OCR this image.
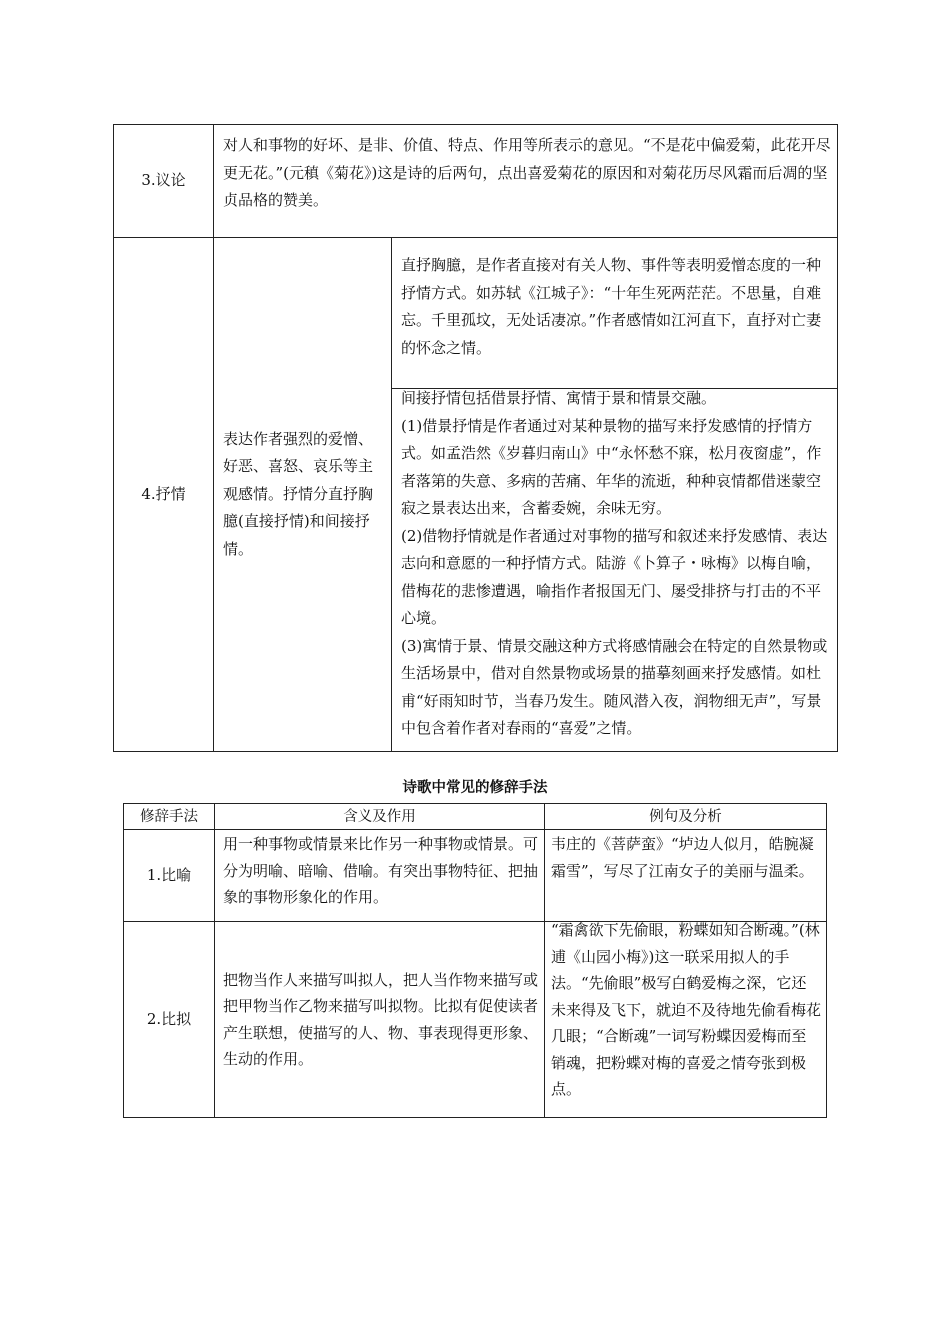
3.议论

对人和事物的好坏、是非、价值、特点、作用等所表示的意见。“不是花中偏爱菊，此花开尽更无花。”(元稹《菊花》)这是诗的后两句，点出喜爱菊花的原因和对菊花历尽风霜而后凋的坚贞品格的赞美。

4.抒情

表达作者强烈的爱憎、好恶、喜怒、哀乐等主观感情。抒情分直抒胸臆(直接抒情)和间接抒情。

直抒胸臆，是作者直接对有关人物、事件等表明爱憎态度的一种抒情方式。如苏轼《江城子》：“十年生死两茫茫。不思量，自难忘。千里孤坟，无处话凄凉。”作者感情如江河直下，直抒对亡妻的怀念之情。

间接抒情包括借景抒情、寓情于景和情景交融。

(1)借景抒情是作者通过对某种景物的描写来抒发感情的抒情方式。如孟浩然《岁暮归南山》中“永怀愁不寐，松月夜窗虚”，作者落第的失意、多病的苦痛、年华的流逝，种种哀情都借迷蒙空寂之景表达出来，含蓄委婉，余味无穷。

(2)借物抒情就是作者通过对事物的描写和叙述来抒发感情、表达志向和意愿的一种抒情方式。陆游《卜算子・咏梅》以梅自喻，借梅花的悲惨遭遇，喻指作者报国无门、屡受排挤与打击的不平心境。

(3)寓情于景、情景交融这种方式将感情融会在特定的自然景物或生活场景中，借对自然景物或场景的描摹刻画来抒发感情。如杜甫“好雨知时节，当春乃发生。随风潜入夜，润物细无声”，写景中包含着作者对春雨的“喜爱”之情。

诗歌中常见的修辞手法
修辞手法	含义及作用	例句及分析
1.比喻

用一种事物或情景来比作另一种事物或情景。可分为明喻、暗喻、借喻。有突出事物特征、把抽象的事物形象化的作用。

韦庄的《菩萨蛮》“垆边人似月，皓腕凝霜雪”，写尽了江南女子的美丽与温柔。

2.比拟

把物当作人来描写叫拟人，把人当作物来描写或把甲物当作乙物来描写叫拟物。比拟有促使读者产生联想，使描写的人、物、事表现得更形象、生动的作用。

“霜禽欲下先偷眼，粉蝶如知合断魂。”(林逋《山园小梅》)这一联采用拟人的手法。“先偷眼”极写白鹤爱梅之深，它还未来得及飞下，就迫不及待地先偷看梅花几眼；“合断魂”一词写粉蝶因爱梅而至销魂，把粉蝶对梅的喜爱之情夸张到极点。
